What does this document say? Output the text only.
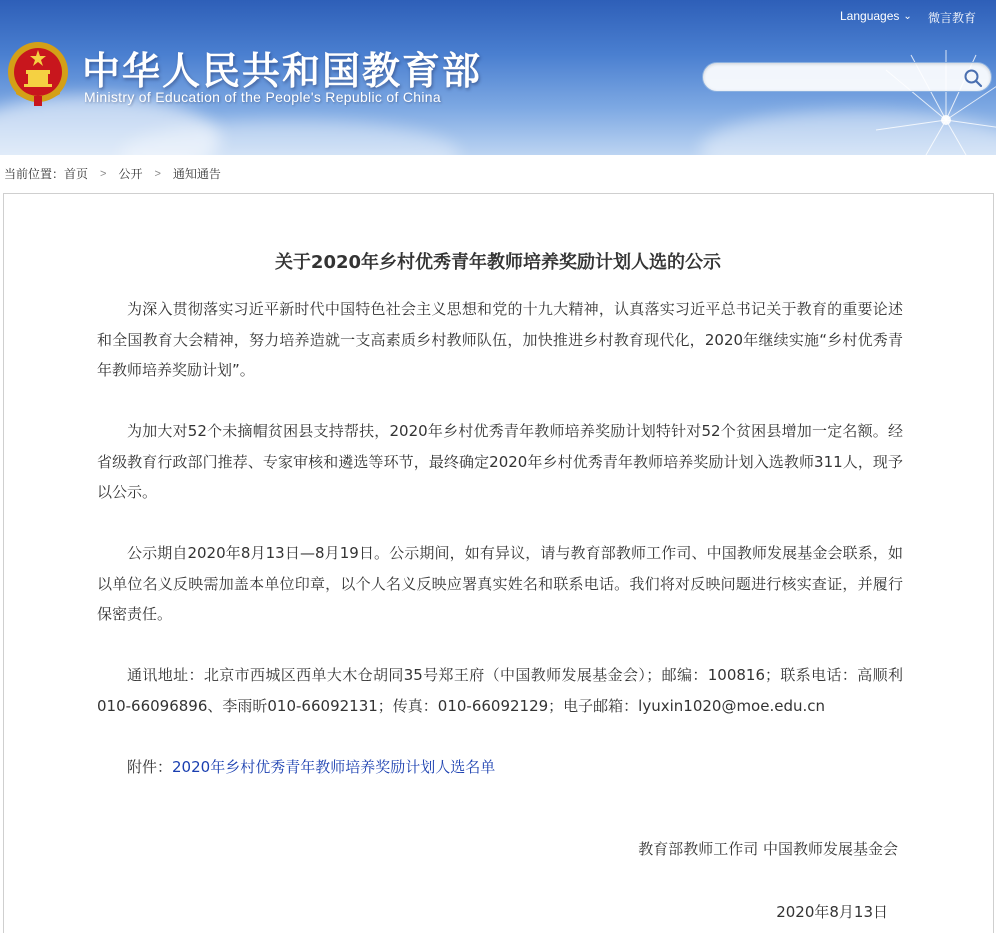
中华人民共和国教育部
Ministry of Education of the People's Republic of China
Languages ⌄ 微言教育
当前位置： 首页 > 公开 > 通知通告
关于2020年乡村优秀青年教师培养奖励计划人选的公示

为深入贯彻落实习近平新时代中国特色社会主义思想和党的十九大精神，认真落实习近平总书记关于教育的重要论述和全国教育大会精神，努力培养造就一支高素质乡村教师队伍，加快推进乡村教育现代化，2020年继续实施“乡村优秀青年教师培养奖励计划”。

为加大对52个未摘帽贫困县支持帮扶，2020年乡村优秀青年教师培养奖励计划特针对52个贫困县增加一定名额。经省级教育行政部门推荐、专家审核和遴选等环节，最终确定2020年乡村优秀青年教师培养奖励计划入选教师311人，现予以公示。

公示期自2020年8月13日—8月19日。公示期间，如有异议，请与教育部教师工作司、中国教师发展基金会联系，如以单位名义反映需加盖本单位印章，以个人名义反映应署真实姓名和联系电话。我们将对反映问题进行核实查证，并履行保密责任。

通讯地址：北京市西城区西单大木仓胡同35号郑王府（中国教师发展基金会）；邮编：100816；联系电话：高顺利010-66096896、李雨昕010-66092131；传真：010-66092129；电子邮箱：lyuxin1020@moe.edu.cn

附件：2020年乡村优秀青年教师培养奖励计划人选名单

教育部教师工作司 中国教师发展基金会
2020年8月13日
